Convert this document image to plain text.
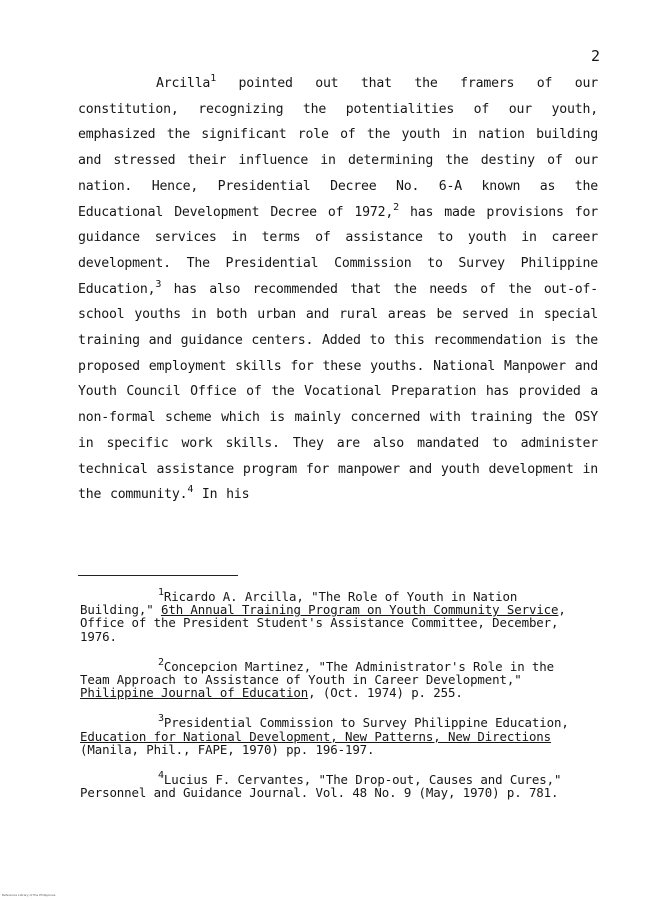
2
Arcilla$^1$ pointed out that the framers of our constitution, recognizing the potentialities of our youth, emphasized the significant role of the youth in nation building and stressed their influence in determining the destiny of our nation. Hence, Presidential Decree No. 6-A known as the Educational Development Decree of 1972,$^2$ has made provisions for guidance services in terms of assistance to youth in career development. The Presidential Commission to Survey Philippine Education,$^3$ has also recommended that the needs of the out-of-school youths in both urban and rural areas be served in special training and guidance centers. Added to this recommendation is the proposed employment skills for these youths. National Manpower and Youth Council Office of the Vocational Preparation has provided a non-formal scheme which is mainly concerned with training the OSY in specific work skills. They are also mandated to administer technical assistance program for manpower and youth development in the community.$^4$ In his

$^1$Ricardo A. Arcilla, "The Role of Youth in Nation Building," 6th Annual Training Program on Youth Community Service, Office of the President Student's Assistance Committee, December, 1976.

$^2$Concepcion Martinez, "The Administrator's Role in the Team Approach to Assistance of Youth in Career Development," Philippine Journal of Education, (Oct. 1974) p. 255.

$^3$Presidential Commission to Survey Philippine Education, Education for National Development, New Patterns, New Directions (Manila, Phil., FAPE, 1970) pp. 196-197.

$^4$Lucius F. Cervantes, "The Drop-out, Causes and Cures," Personnel and Guidance Journal. Vol. 48 No. 9 (May, 1970) p. 781.

Reference Library of the Philippines
